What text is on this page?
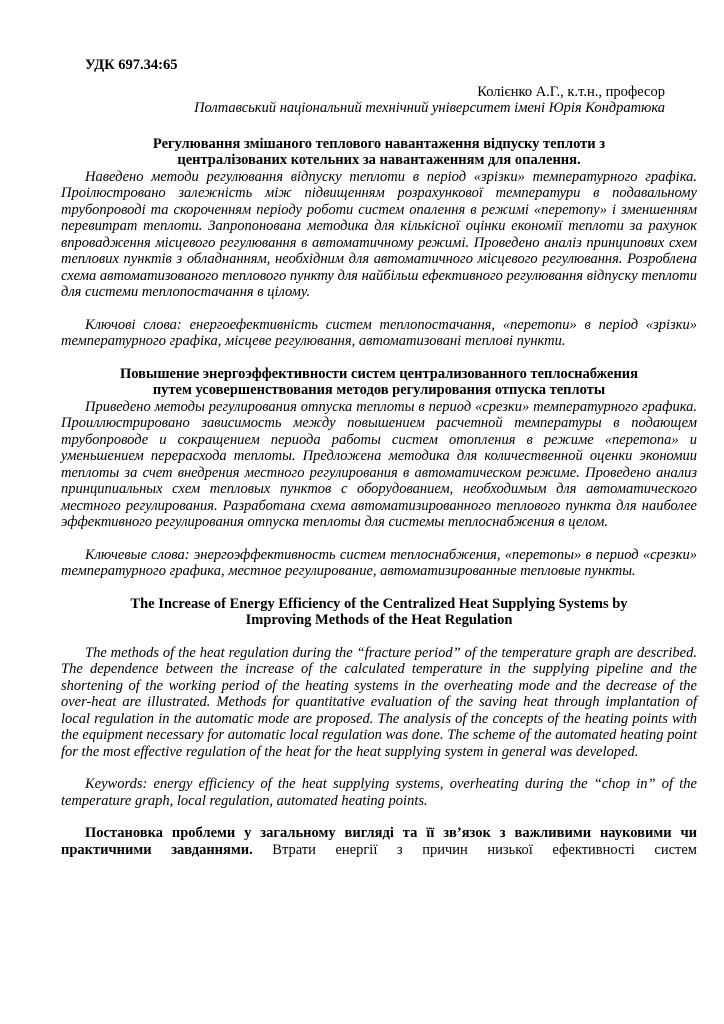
УДК 697.34:65

Колієнко А.Г., к.т.н., професор

Полтавський національний технічний університет імені Юрія Кондратюка

Регулювання змішаного теплового навантаження відпуску теплоти з централізованих котельних за навантаженням для опалення.

Наведено методи регулювання відпуску теплоти в період «зрізки» температурного графіка. Проілюстровано залежність між підвищенням розрахункової температури в подавальному трубопроводі та скороченням періоду роботи систем опалення в режимі «перетопу» і зменшенням перевитрат теплоти. Запропонована методика для кількісної оцінки економії теплоти за рахунок впровадження місцевого регулювання в автоматичному режимі. Проведено аналіз принципових схем теплових пунктів з обладнанням, необхідним для автоматичного місцевого регулювання. Розроблена схема автоматизованого теплового пункту для найбільш ефективного регулювання відпуску теплоти для системи теплопостачання в цілому.

Ключові слова: енергоефективність систем теплопостачання, «перетопи» в період «зрізки» температурного графіка, місцеве регулювання, автоматизовані теплові пункти.

Повышение энергоэффективности систем централизованного теплоснабжения путем усовершенствования методов регулирования отпуска теплоты

Приведено методы регулирования отпуска теплоты в период «срезки» температурного графика. Проиллюстрировано зависимость между повышением расчетной температуры в подающем трубопроводе и сокращением периода работы систем отопления в режиме «перетопа» и уменьшением перерасхода теплоты. Предложена методика для количественной оценки экономии теплоты за счет внедрения местного регулирования в автоматическом режиме. Проведено анализ принципиальных схем тепловых пунктов с оборудованием, необходимым для автоматического местного регулирования. Разработана схема автоматизированного теплового пункта для наиболее эффективного регулирования отпуска теплоты для системы теплоснабжения в целом.

Ключевые слова: энергоэффективность систем теплоснабжения, «перетопы» в период «срезки» температурного графика, местное регулирование, автоматизированные тепловые пункты.

The Increase of Energy Efficiency of the Centralized Heat Supplying Systems by Improving Methods of the Heat Regulation

The methods of the heat regulation during the “fracture period” of the temperature graph are described. The dependence between the increase of the calculated temperature in the supplying pipeline and the shortening of the working period of the heating systems in the overheating mode and the decrease of the over-heat are illustrated. Methods for quantitative evaluation of the saving heat through implantation of local regulation in the automatic mode are proposed. The analysis of the concepts of the heating points with the equipment necessary for automatic local regulation was done. The scheme of the automated heating point for the most effective regulation of the heat for the heat supplying system in general was developed.

Keywords: energy efficiency of the heat supplying systems, overheating during the “chop in” of the temperature graph, local regulation, automated heating points.

Постановка проблеми у загальному вигляді та її зв’язок з важливими науковими чи практичними завданнями. Втрати енергії з причин низької ефективності систем
